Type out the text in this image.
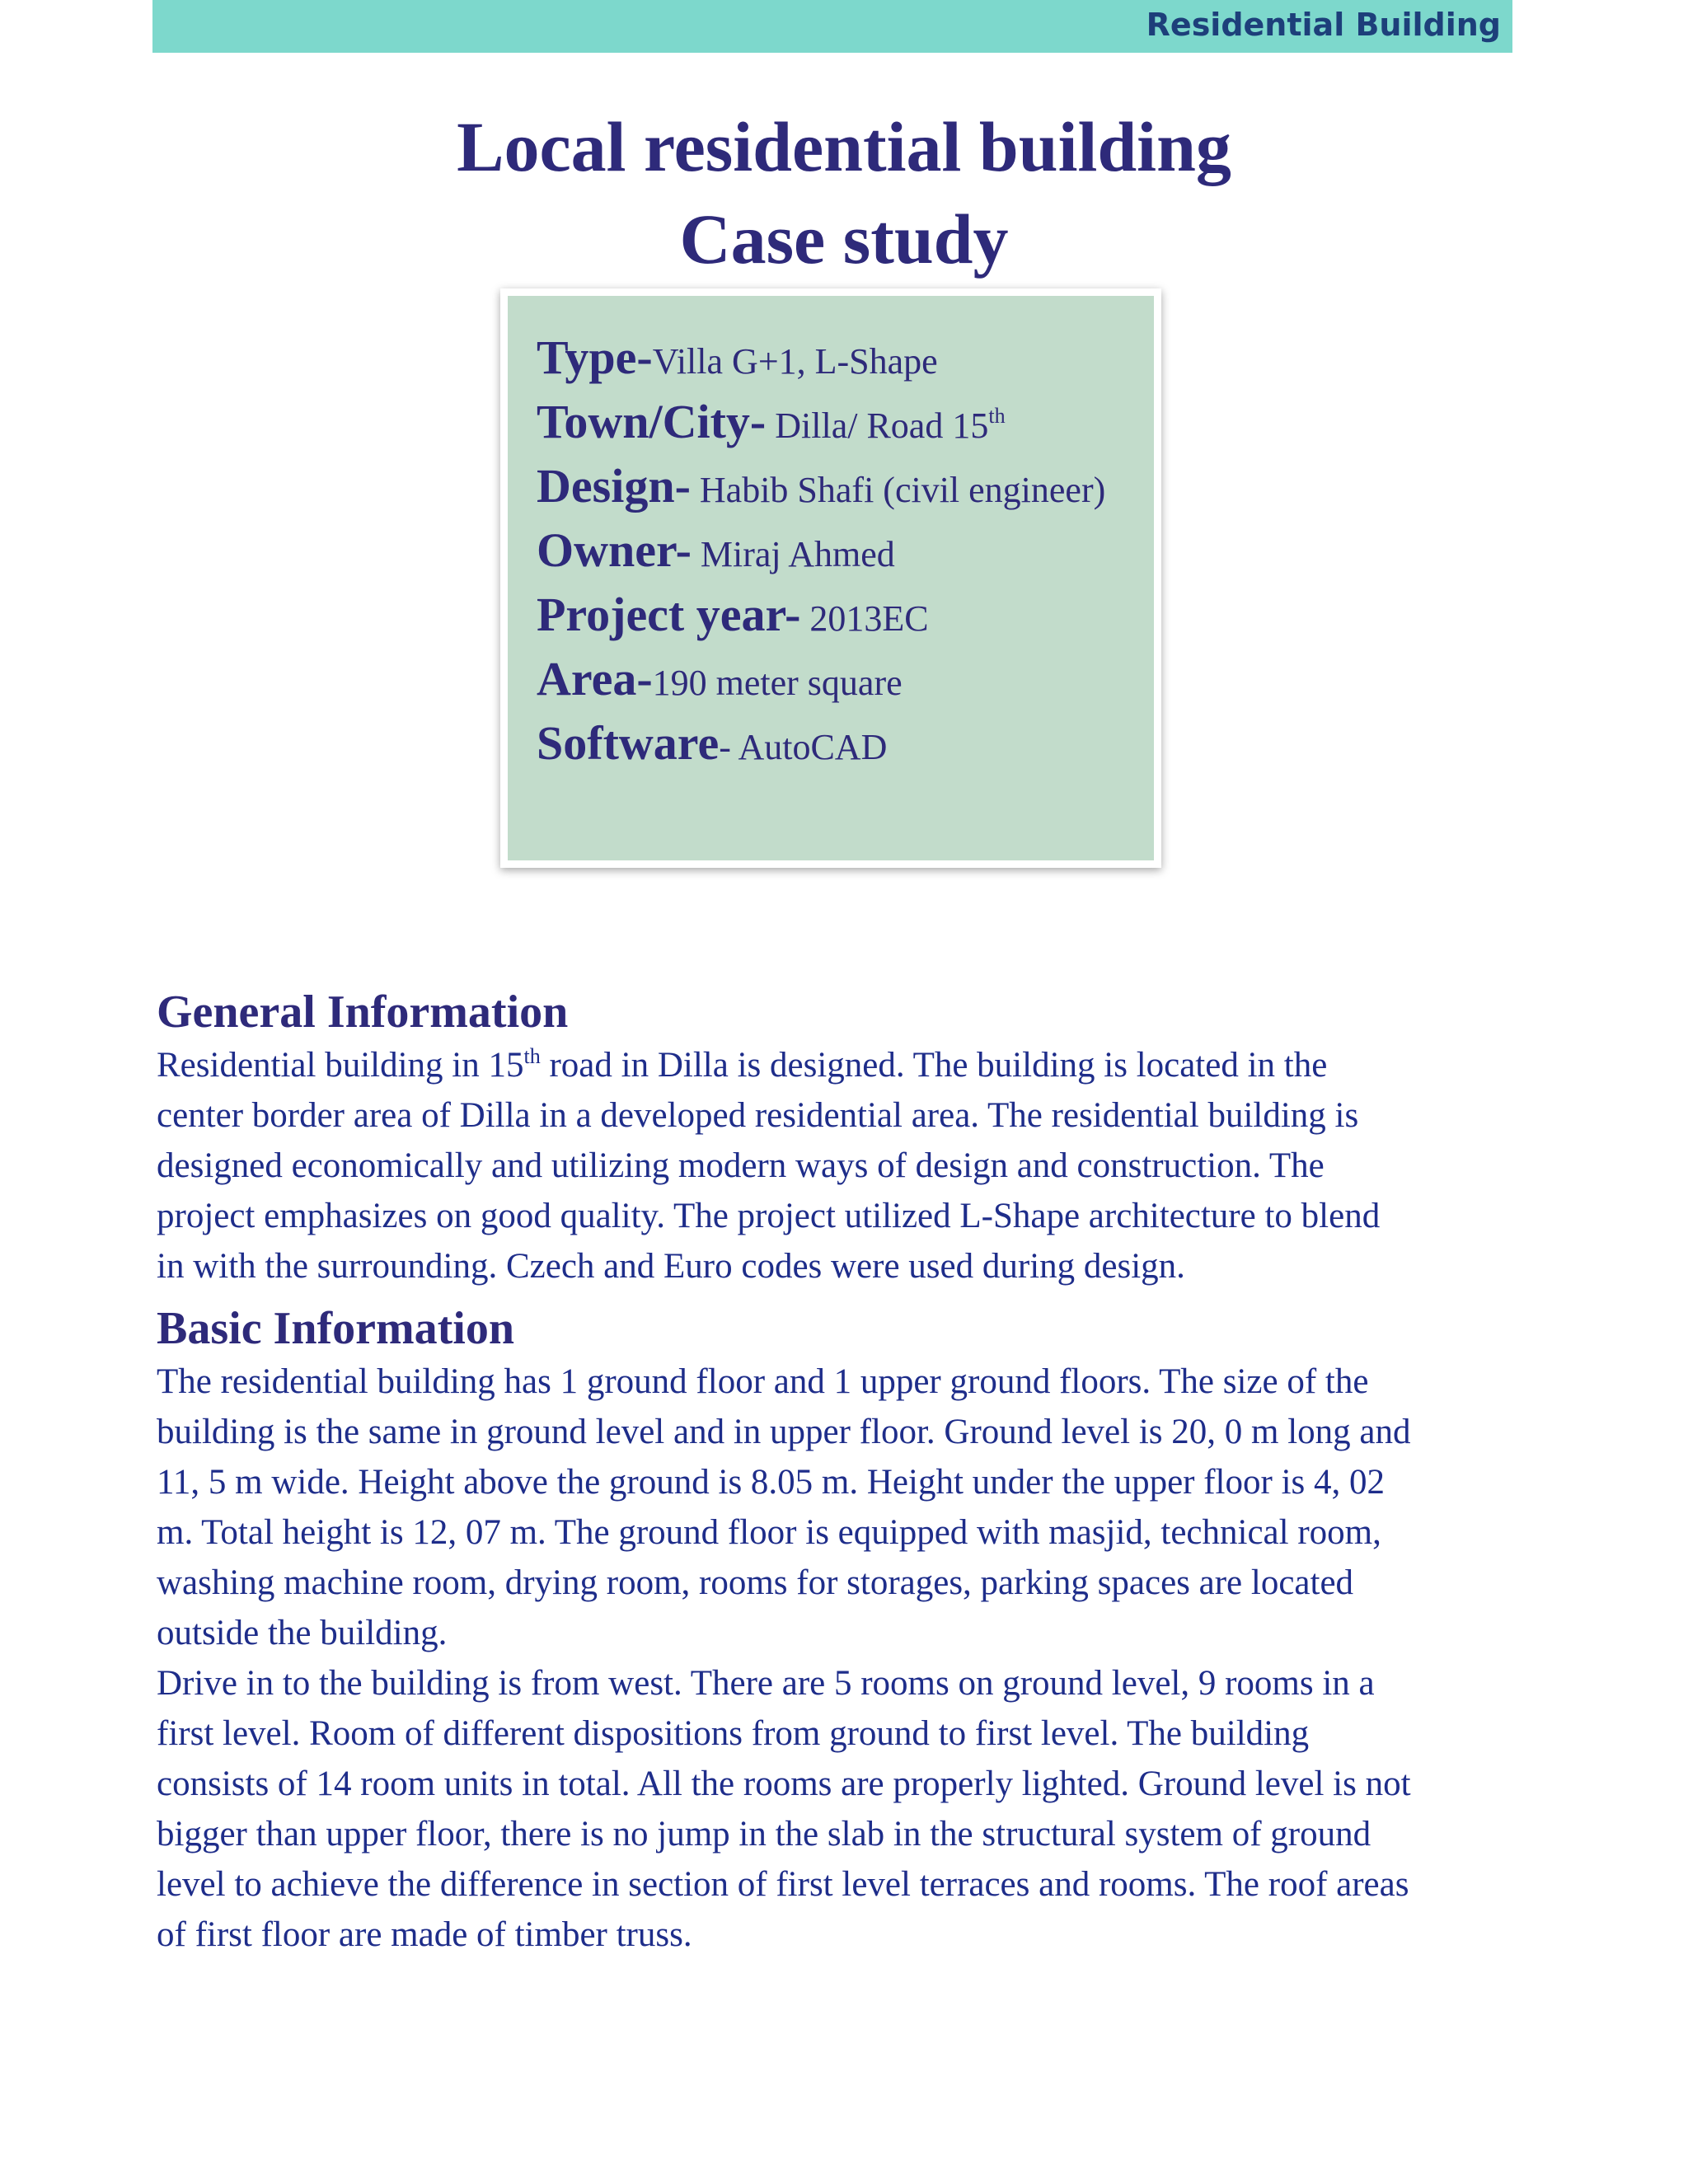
Residential Building
Local residential building
Case study
Type-Villa G+1, L-Shape
Town/City- Dilla/ Road 15th
Design- Habib Shafi (civil engineer)
Owner- Miraj Ahmed
Project year- 2013EC
Area-190 meter square
Software- AutoCAD
General Information
Residential building in 15th road in Dilla is designed. The building is located in the
center border area of Dilla in a developed residential area. The residential building is
designed economically and utilizing modern ways of design and construction. The
project emphasizes on good quality. The project utilized L-Shape architecture to blend
in with the surrounding. Czech and Euro codes were used during design.
Basic Information
The residential building has 1 ground floor and 1 upper ground floors. The size of the
building is the same in ground level and in upper floor. Ground level is 20, 0 m long and
11, 5 m wide. Height above the ground is 8.05 m. Height under the upper floor is 4, 02
m. Total height is 12, 07 m. The ground floor is equipped with masjid, technical room,
washing machine room, drying room, rooms for storages, parking spaces are located
outside the building.
Drive in to the building is from west. There are 5 rooms on ground level, 9 rooms in a
first level. Room of different dispositions from ground to first level. The building
consists of 14 room units in total. All the rooms are properly lighted. Ground level is not
bigger than upper floor, there is no jump in the slab in the structural system of ground
level to achieve the difference in section of first level terraces and rooms. The roof areas
of first floor are made of timber truss.
